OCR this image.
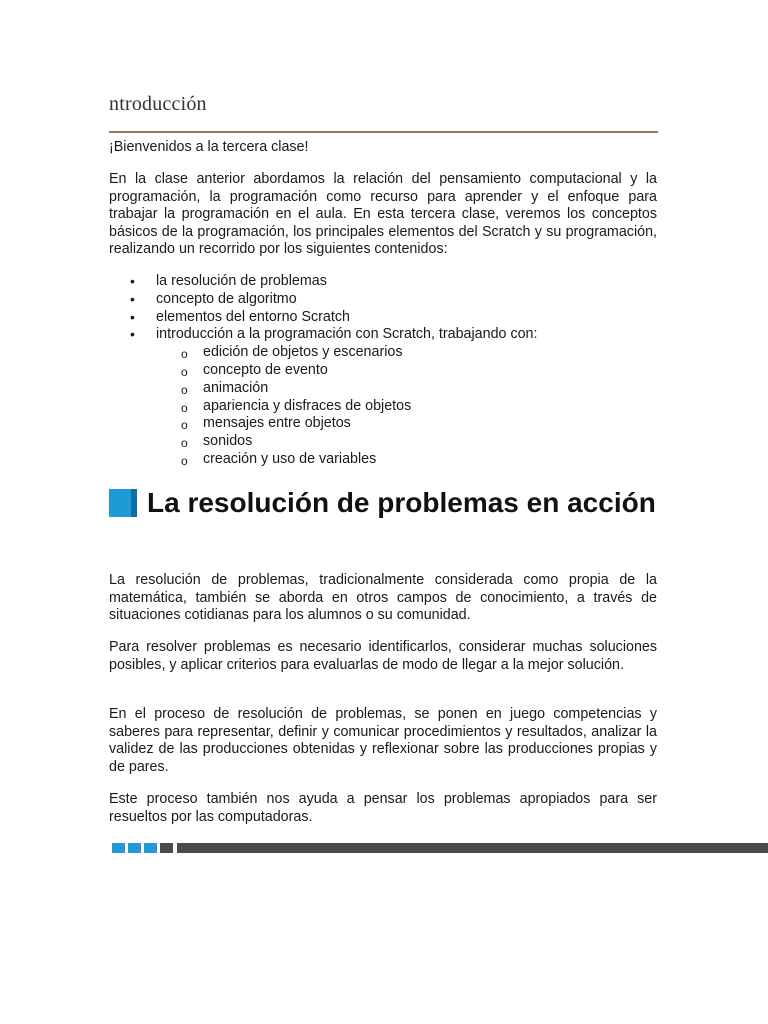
ntroducción
¡Bienvenidos a la tercera clase!
En la clase anterior abordamos la relación del pensamiento computacional y la programación, la programación como recurso para aprender y el enfoque para trabajar la programación en el aula. En esta tercera clase, veremos los conceptos básicos de la programación, los principales elementos del Scratch y su programación, realizando un recorrido por los siguientes contenidos:
• la resolución de problemas
• concepto de algoritmo
• elementos del entorno Scratch
• introducción a la programación con Scratch, trabajando con:
o edición de objetos y escenarios
o concepto de evento
o animación
o apariencia y disfraces de objetos
o mensajes entre objetos
o sonidos
o creación y uso de variables
La resolución de problemas en acción
La resolución de problemas, tradicionalmente considerada como propia de la matemática, también se aborda en otros campos de conocimiento, a través de situaciones cotidianas para los alumnos o su comunidad.
Para resolver problemas es necesario identificarlos, considerar muchas soluciones posibles, y aplicar criterios para evaluarlas de modo de llegar a la mejor solución.
En el proceso de resolución de problemas, se ponen en juego competencias y saberes para representar, definir y comunicar procedimientos y resultados, analizar la validez de las producciones obtenidas y reflexionar sobre las producciones propias y de pares.
Este proceso también nos ayuda a pensar los problemas apropiados para ser resueltos por las computadoras.
